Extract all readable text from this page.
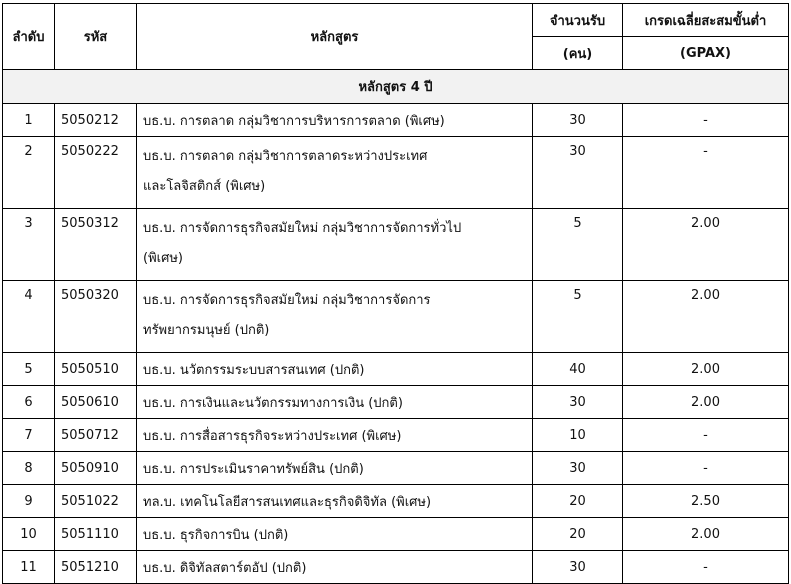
ลำดับ	รหัส	หลักสูตร	จำนวนรับ	เกรดเฉลี่ยสะสมขั้นต่ำ
			(คน)	(GPAX)
หลักสูตร 4 ปี				
1	5050212	บธ.บ. การตลาด กลุ่มวิชาการบริหารการตลาด (พิเศษ)	30	-
2	5050222	บธ.บ. การตลาด กลุ่มวิชาการตลาดระหว่างประเทศ
และโลจิสติกส์ (พิเศษ)	30	-
3	5050312	บธ.บ. การจัดการธุรกิจสมัยใหม่ กลุ่มวิชาการจัดการทั่วไป
(พิเศษ)	5	2.00
4	5050320	บธ.บ. การจัดการธุรกิจสมัยใหม่ กลุ่มวิชาการจัดการ
ทรัพยากรมนุษย์ (ปกติ)	5	2.00
5	5050510	บธ.บ. นวัตกรรมระบบสารสนเทศ (ปกติ)	40	2.00
6	5050610	บธ.บ. การเงินและนวัตกรรมทางการเงิน (ปกติ)	30	2.00
7	5050712	บธ.บ. การสื่อสารธุรกิจระหว่างประเทศ (พิเศษ)	10	-
8	5050910	บธ.บ. การประเมินราคาทรัพย์สิน (ปกติ)	30	-
9	5051022	ทล.บ. เทคโนโลยีสารสนเทศและธุรกิจดิจิทัล (พิเศษ)	20	2.50
10	5051110	บธ.บ. ธุรกิจการบิน (ปกติ)	20	2.00
11	5051210	บธ.บ. ดิจิทัลสตาร์ตอัป (ปกติ)	30	-
